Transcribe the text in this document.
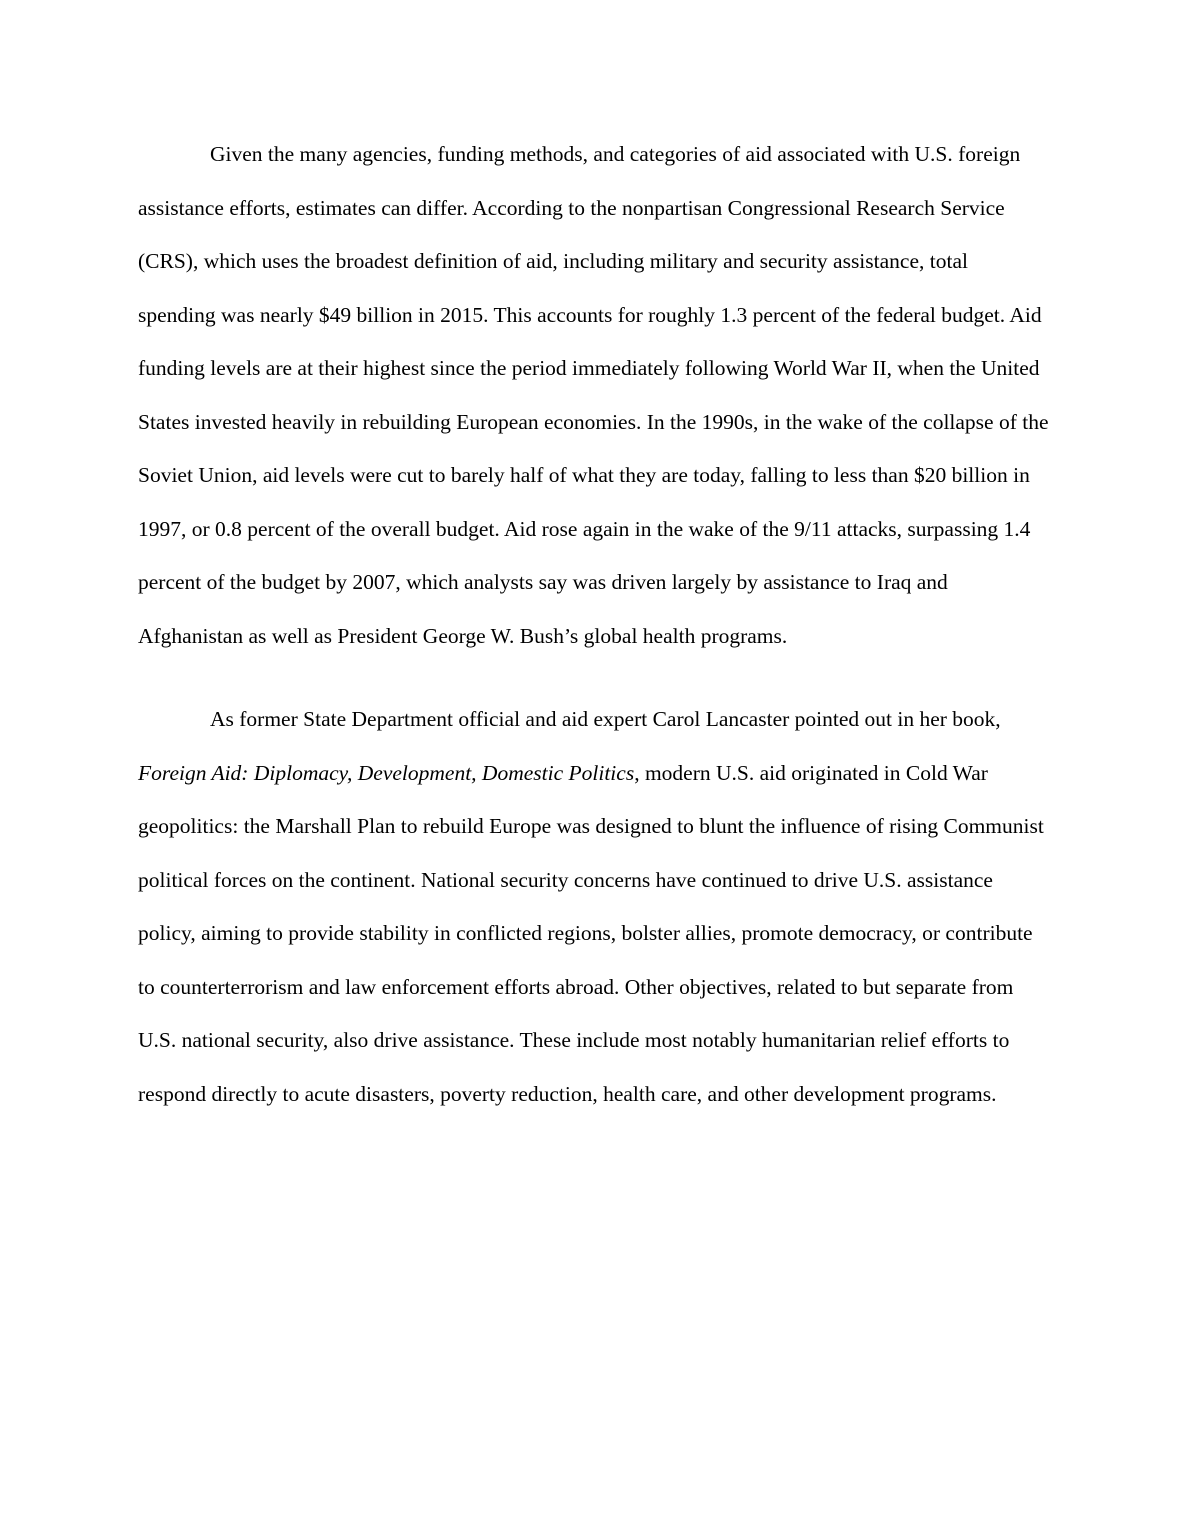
Given the many agencies, funding methods, and categories of aid associated with U.S. foreign assistance efforts, estimates can differ. According to the nonpartisan Congressional Research Service (CRS), which uses the broadest definition of aid, including military and security assistance, total spending was nearly $49 billion in 2015. This accounts for roughly 1.3 percent of the federal budget. Aid funding levels are at their highest since the period immediately following World War II, when the United States invested heavily in rebuilding European economies. In the 1990s, in the wake of the collapse of the Soviet Union, aid levels were cut to barely half of what they are today, falling to less than $20 billion in 1997, or 0.8 percent of the overall budget. Aid rose again in the wake of the 9/11 attacks, surpassing 1.4 percent of the budget by 2007, which analysts say was driven largely by assistance to Iraq and Afghanistan as well as President George W. Bush’s global health programs.

As former State Department official and aid expert Carol Lancaster pointed out in her book, Foreign Aid: Diplomacy, Development, Domestic Politics, modern U.S. aid originated in Cold War geopolitics: the Marshall Plan to rebuild Europe was designed to blunt the influence of rising Communist political forces on the continent. National security concerns have continued to drive U.S. assistance policy, aiming to provide stability in conflicted regions, bolster allies, promote democracy, or contribute to counterterrorism and law enforcement efforts abroad. Other objectives, related to but separate from U.S. national security, also drive assistance. These include most notably humanitarian relief efforts to respond directly to acute disasters, poverty reduction, health care, and other development programs.
